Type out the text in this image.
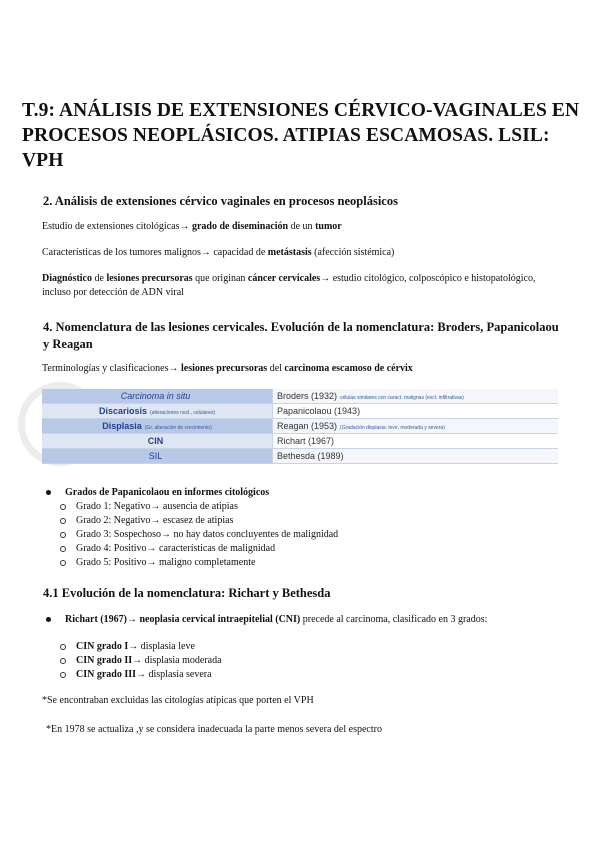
T.9: ANÁLISIS DE EXTENSIONES CÉRVICO-VAGINALES EN PROCESOS NEOPLÁSICOS. ATIPIAS ESCAMOSAS. LSIL: VPH
2. Análisis de extensiones cérvico vaginales en procesos neoplásicos
Estudio de extensiones citológicas→ grado de diseminación de un tumor
Características de los tumores malignos→ capacidad de metástasis (afección sistémica)
Diagnóstico de lesiones precursoras que originan cáncer cervicales→ estudio citológico, colposcópico e histopatológico, incluso por detección de ADN viral
4. Nomenclatura de las lesiones cervicales. Evolución de la nomenclatura: Broders, Papanicolaou y Reagan
Terminologías y clasificaciones→ lesiones precursoras del carcinoma escamoso de cérvix
Carcinoma in situ	Broders (1932) células similares con caract. malignas (excl. infiltrativas)
Discariosis (alteraciones nucl., celulares)	Papanicolaou (1943)
Displasia (Gr. alteración de crecimiento)	Reagan (1953) (Gradación displasia: leve, moderada y severa)
CIN	Richart (1967)
SIL	Bethesda (1989)
Grados de Papanicolaou en informes citológicos
Grado 1: Negativo→ ausencia de atipias
Grado 2: Negativo→ escasez de atipias
Grado 3: Sospechoso→ no hay datos concluyentes de malignidad
Grado 4: Positivo→ características de malignidad
Grado 5: Positivo→ maligno completamente
4.1 Evolución de la nomenclatura: Richart y Bethesda
Richart (1967)→ neoplasia cervical intraepitelial (CNI) precede al carcinoma, clasificado en 3 grados:
CIN grado I → displasia leve
CIN grado II → displasia moderada
CIN grado III → displasia severa
*Se encontraban excluidas las citologías atípicas que porten el VPH
*En 1978 se actualiza ,y se considera inadecuada la parte menos severa del espectro
